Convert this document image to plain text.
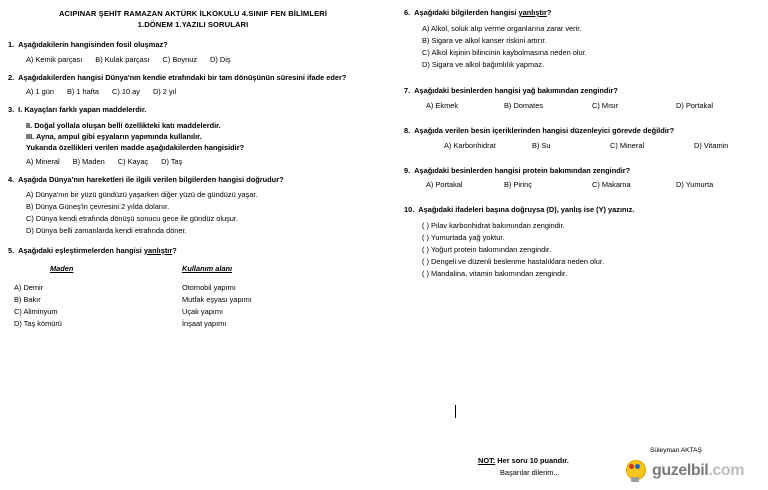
ACIPINAR ŞEHİT RAMAZAN AKTÜRK İLKOKULU 4.SINIF FEN BİLİMLERİ
1.DÖNEM 1.YAZILI SORULARI
1. Aşağıdakilerin hangisinden fosil oluşmaz?
A) Kemik parçası B) Kulak parçası C) Boynuz D) Diş
2. Aşağıdakilerden hangisi Dünya'nın kendie etrafındaki bir tam dönüşünün süresini ifade eder?
A) 1 gün B) 1 hafta C) 10 ay D) 2 yıl
3. I. Kayaçları farklı yapan maddelerdir.
II. Doğal yollala oluşan belli özellikteki katı maddelerdir.
III. Ayna, ampul gibi eşyaların yapımında kullanılır.
Yukarıda özellikleri verilen madde aşağıdakilerden hangisidir?
A) Mineral B) Maden C) Kayaç D) Taş
4. Aşağıda Dünya'nın hareketleri ile ilgili verilen bilgilerden hangisi doğrudur?
A) Dünya'nın bir yüzü gündüzü yaşarken diğer yüzü de gündüzü yaşar.
B) Dünya Güneş'in çevresini 2 yılda dolanır.
C) Dünya kendi etrafında dönüşü sonucu gece ile gündüz oluşur.
D) Dünya belli zamanlarda kendi etrafında döner.
5. Aşağıdaki eşleştirmelerden hangisi yanlıştır?
Maden	Kullanım alanı
A) Demir	Otomobil yapımı
B) Bakır	Mutfak eşyası yapımı
C) Aliminyum	Uçak yapımı
D) Taş kömürü	İnşaat yapımı
6. Aşağıdaki bilgilerden hangisi yanlıştır?
A) Alkol, soluk alıp verme organlarına zarar verir.
B) Sigara ve alkol kanser riskini artırır.
C) Alkol kişinin bilincinin kaybolmasına neden olur.
D) Sigara ve alkol bağımlılık yapmaz.
7. Aşağıdaki besinlerden hangisi yağ bakımından zengindir?
A) Ekmek	B) Domates	C) Mısır	D) Portakal
8. Aşağıda verilen besin içeriklerinden hangisi düzenleyici görevde değildir?
A) Karbonhidrat	B) Su	C) Mineral	D) Vitamin
9. Aşağıdaki besinlerden hangisi protein bakımından zengindir?
A) Portakal	B) Pirinç	C) Makarna	D) Yumurta
10. Aşağıdaki ifadeleri başına doğruysa (D), yanlış ise (Y) yazınız.
( ) Pilav karbonhidrat bakımından zengindir.
( ) Yumurtada yağ yoktur.
( ) Yoğurt protein bakımından zengindir.
( ) Dengeli ve düzenli beslenme hastalıklara neden olur.
( ) Mandalina, vitamin bakımından zengindir.
NOT: Her soru 10 puandır.
Başarılar dilerim...
Süleyman AKTAŞ
guzelbil.com
